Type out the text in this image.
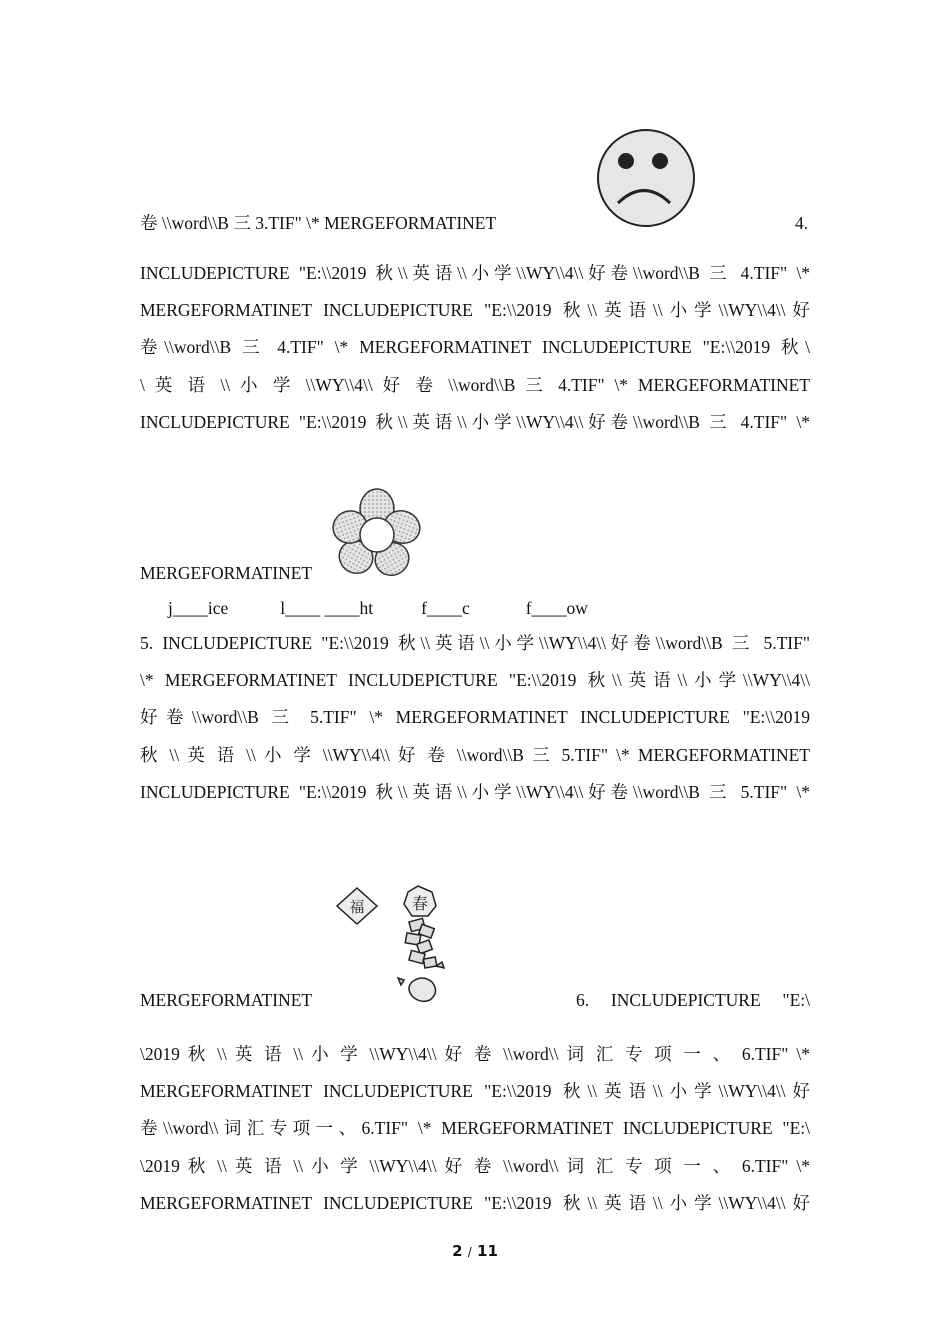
卷 \\word\\B 三 3.TIF" \* MERGEFORMATINET	4.
INCLUDEPICTURE "E:\\2019 秋\\英语\\小学\\WY\\4\\好卷\\word\\B 三 4.TIF" \*
MERGEFORMATINET INCLUDEPICTURE "E:\\2019 秋\\英语\\小学\\WY\\4\\好
卷\\word\\B 三 4.TIF" \* MERGEFORMATINET INCLUDEPICTURE "E:\\2019 秋\
\ 英 语 \\ 小 学 \\WY\\4\\ 好 卷 \\word\\B 三 4.TIF" \* MERGEFORMATINET
INCLUDEPICTURE "E:\\2019 秋\\英语\\小学\\WY\\4\\好卷\\word\\B 三 4.TIF" \*
MERGEFORMATINET
j____ice	l____ ____ht	f____c	f____ow
5. INCLUDEPICTURE "E:\\2019 秋\\英语\\小学\\WY\\4\\好卷\\word\\B 三 5.TIF"
\* MERGEFORMATINET INCLUDEPICTURE "E:\\2019 秋\\英语\\小学\\WY\\4\\
好卷\\word\\B 三 5.TIF" \* MERGEFORMATINET INCLUDEPICTURE "E:\\2019
秋 \\ 英 语 \\ 小 学 \\WY\\4\\ 好 卷 \\word\\B 三 5.TIF" \* MERGEFORMATINET
INCLUDEPICTURE "E:\\2019 秋\\英语\\小学\\WY\\4\\好卷\\word\\B 三 5.TIF" \*
福	春
MERGEFORMATINET	6. INCLUDEPICTURE "E:\
\2019 秋 \\ 英 语 \\ 小 学 \\WY\\4\\ 好 卷 \\word\\ 词 汇 专 项 一 、 6.TIF" \*
MERGEFORMATINET INCLUDEPICTURE "E:\\2019 秋\\英语\\小学\\WY\\4\\好
卷\\word\\词汇专项一、6.TIF" \* MERGEFORMATINET INCLUDEPICTURE "E:\
\2019 秋 \\ 英 语 \\ 小 学 \\WY\\4\\ 好 卷 \\word\\ 词 汇 专 项 一 、 6.TIF" \*
MERGEFORMATINET INCLUDEPICTURE "E:\\2019 秋\\英语\\小学\\WY\\4\\好
2 / 11
